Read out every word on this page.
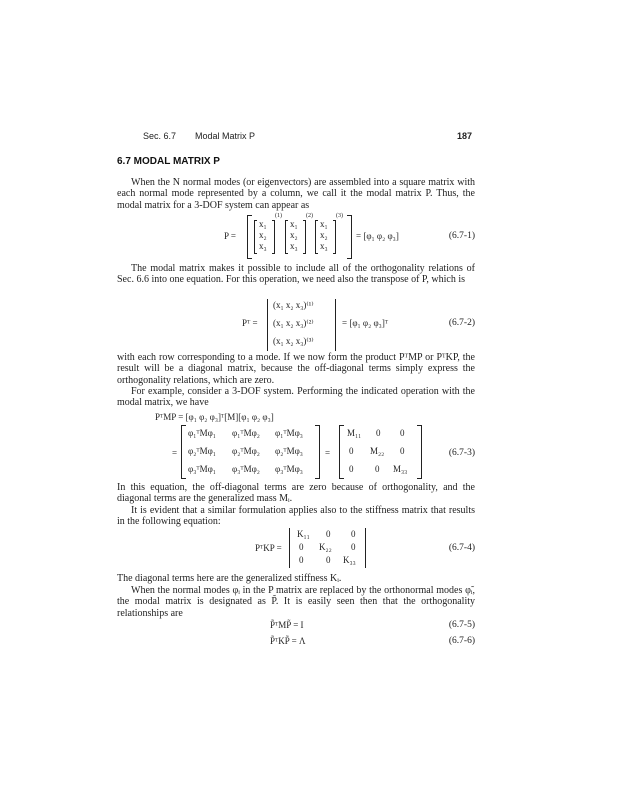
Sec. 6.7 Modal Matrix P	187
6.7 MODAL MATRIX P
When the N normal modes (or eigenvectors) are assembled into a square matrix with each normal mode represented by a column, we call it the modal matrix P. Thus, the modal matrix for a 3-DOF system can appear as
P =
x₁
x₂
x₃
(1)
x₁
x₂
x₃
(2)
x₁
x₂
x₃
(3)
= [φ₁ φ₂ φ₃]	(6.7-1)
The modal matrix makes it possible to include all of the orthogonality relations of Sec. 6.6 into one equation. For this operation, we need also the transpose of P, which is
Pᵀ =
(x₁ x₂ x₃)⁽¹⁾
(x₁ x₂ x₃)⁽²⁾
(x₁ x₂ x₃)⁽³⁾
= [φ₁ φ₂ φ₃]ᵀ	(6.7-2)
with each row corresponding to a mode. If we now form the product PᵀMP or PᵀKP, the result will be a diagonal matrix, because the off-diagonal terms simply express the orthogonality relations, which are zero.
For example, consider a 3-DOF system. Performing the indicated operation with the modal matrix, we have
PᵀMP = [φ₁ φ₂ φ₃]ᵀ[M][φ₁ φ₂ φ₃]
=
φ₁ᵀMφ₁ φ₁ᵀMφ₂ φ₁ᵀMφ₃
φ₂ᵀMφ₁ φ₂ᵀMφ₂ φ₂ᵀMφ₃
φ₃ᵀMφ₁ φ₃ᵀMφ₂ φ₃ᵀMφ₃
=
M₁₁ 0 0
0 M₂₂ 0
0 0 M₃₃
(6.7-3)
In this equation, the off-diagonal terms are zero because of orthogonality, and the diagonal terms are the generalized mass Mᵢ.
It is evident that a similar formulation applies also to the stiffness matrix that results in the following equation:
PᵀKP =
K₁₁ 0 0
0 K₂₂ 0
0	0 K₃₃
(6.7-4)
The diagonal terms here are the generalized stiffness Kᵢ.
When the normal modes φᵢ in the P matrix are replaced by the orthonormal modes φ̃ᵢ, the modal matrix is designated as P̃. It is easily seen then that the orthogonality relationships are
P̃ᵀMP̃ = I	(6.7-5)
P̃ᵀKP̃ = Λ	(6.7-6)
